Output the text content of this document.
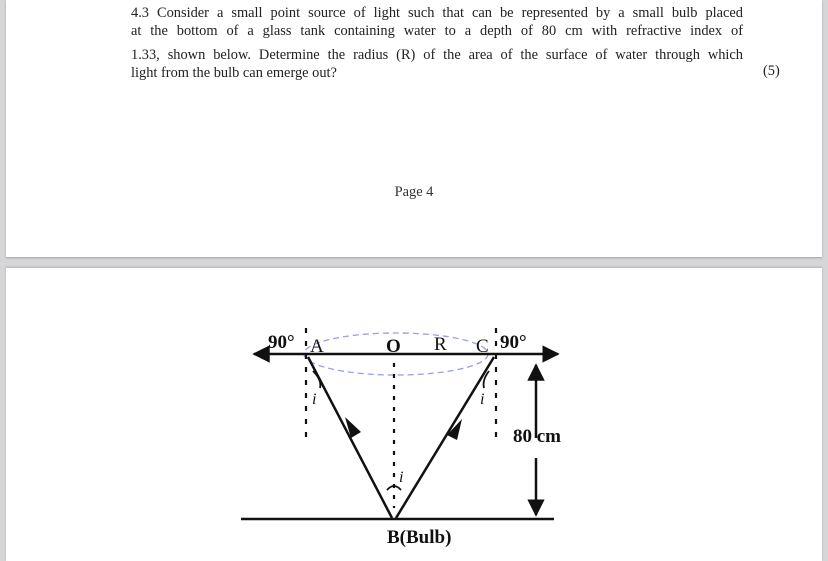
4.3 Consider a small point source of light such that can be represented by a small bulb placed

at the bottom of a glass tank containing water to a depth of 80 cm with refractive index of

1.33, shown below. Determine the radius (R) of the area of the surface of water through which

light from the bulb can emerge out?	(5)
Page 4
90° A	O R C 90°
i	i
i
80 cm
B(Bulb)
